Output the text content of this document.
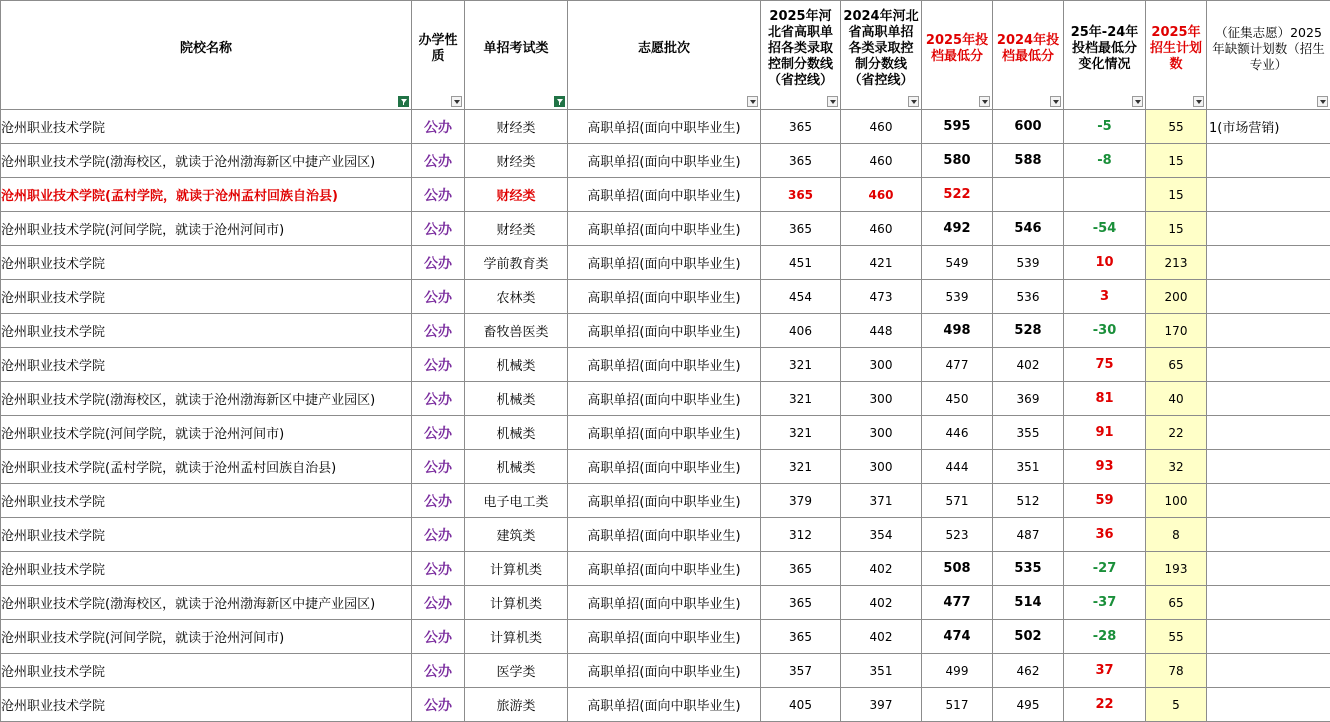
院校名称	办学性质	单招考试类	志愿批次	2025年河北省高职单招各类录取控制分数线（省控线）	2024年河北省高职单招各类录取控制分数线（省控线）	2025年投档最低分	2024年投档最低分	25年-24年投档最低分变化情况	2025年招生计划数	（征集志愿）2025年缺额计划数（招生专业）

沧州职业技术学院	公办	财经类	高职单招(面向中职毕业生)	365	460	595	600	-5	55	1(市场营销)
沧州职业技术学院(渤海校区，就读于沧州渤海新区中捷产业园区)	公办	财经类	高职单招(面向中职毕业生)	365	460	580	588	-8	15	
沧州职业技术学院(孟村学院，就读于沧州孟村回族自治县)	公办	财经类	高职单招(面向中职毕业生)	365	460	522			15	
沧州职业技术学院(河间学院，就读于沧州河间市)	公办	财经类	高职单招(面向中职毕业生)	365	460	492	546	-54	15	
沧州职业技术学院	公办	学前教育类	高职单招(面向中职毕业生)	451	421	549	539	10	213	
沧州职业技术学院	公办	农林类	高职单招(面向中职毕业生)	454	473	539	536	3	200	
沧州职业技术学院	公办	畜牧兽医类	高职单招(面向中职毕业生)	406	448	498	528	-30	170	
沧州职业技术学院	公办	机械类	高职单招(面向中职毕业生)	321	300	477	402	75	65	
沧州职业技术学院(渤海校区，就读于沧州渤海新区中捷产业园区)	公办	机械类	高职单招(面向中职毕业生)	321	300	450	369	81	40	
沧州职业技术学院(河间学院，就读于沧州河间市)	公办	机械类	高职单招(面向中职毕业生)	321	300	446	355	91	22	
沧州职业技术学院(孟村学院，就读于沧州孟村回族自治县)	公办	机械类	高职单招(面向中职毕业生)	321	300	444	351	93	32	
沧州职业技术学院	公办	电子电工类	高职单招(面向中职毕业生)	379	371	571	512	59	100	
沧州职业技术学院	公办	建筑类	高职单招(面向中职毕业生)	312	354	523	487	36	8	
沧州职业技术学院	公办	计算机类	高职单招(面向中职毕业生)	365	402	508	535	-27	193	
沧州职业技术学院(渤海校区，就读于沧州渤海新区中捷产业园区)	公办	计算机类	高职单招(面向中职毕业生)	365	402	477	514	-37	65	
沧州职业技术学院(河间学院，就读于沧州河间市)	公办	计算机类	高职单招(面向中职毕业生)	365	402	474	502	-28	55	
沧州职业技术学院	公办	医学类	高职单招(面向中职毕业生)	357	351	499	462	37	78	
沧州职业技术学院	公办	旅游类	高职单招(面向中职毕业生)	405	397	517	495	22	5	
